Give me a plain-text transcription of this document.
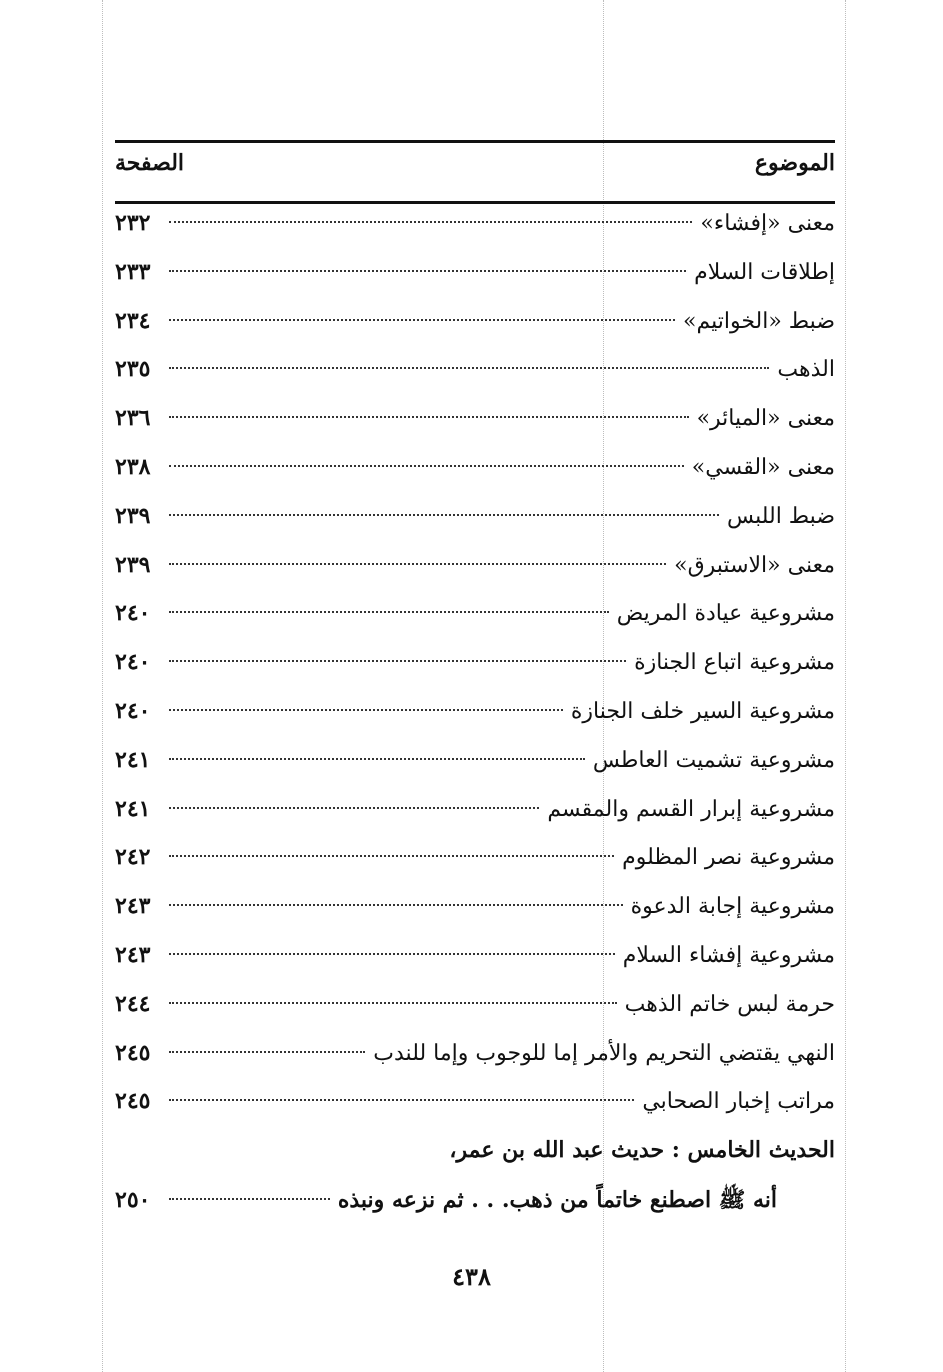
الموضوع
الصفحة
معنى «إفشاء»
٢٣٢
إطلاقات السلام
٢٣٣
ضبط «الخواتيم»
٢٣٤
الذهب
٢٣٥
معنى «الميائر»
٢٣٦
معنى «القسي»
٢٣٨
ضبط اللبس
٢٣٩
معنى «الاستبرق»
٢٣٩
مشروعية عيادة المريض
٢٤٠
مشروعية اتباع الجنازة
٢٤٠
مشروعية السير خلف الجنازة
٢٤٠
مشروعية تشميت العاطس
٢٤١
مشروعية إبرار القسم والمقسم
٢٤١
مشروعية نصر المظلوم
٢٤٢
مشروعية إجابة الدعوة
٢٤٣
مشروعية إفشاء السلام
٢٤٣
حرمة لبس خاتم الذهب
٢٤٤
النهي يقتضي التحريم والأمر إما للوجوب وإما للندب
٢٤٥
مراتب إخبار الصحابي
٢٤٥
الحديث الخامس : حديث عبد الله بن عمر،
أنه ﷺ اصطنع خاتماً من ذهب. . . ثم نزعه ونبذه
٢٥٠
٤٣٨
